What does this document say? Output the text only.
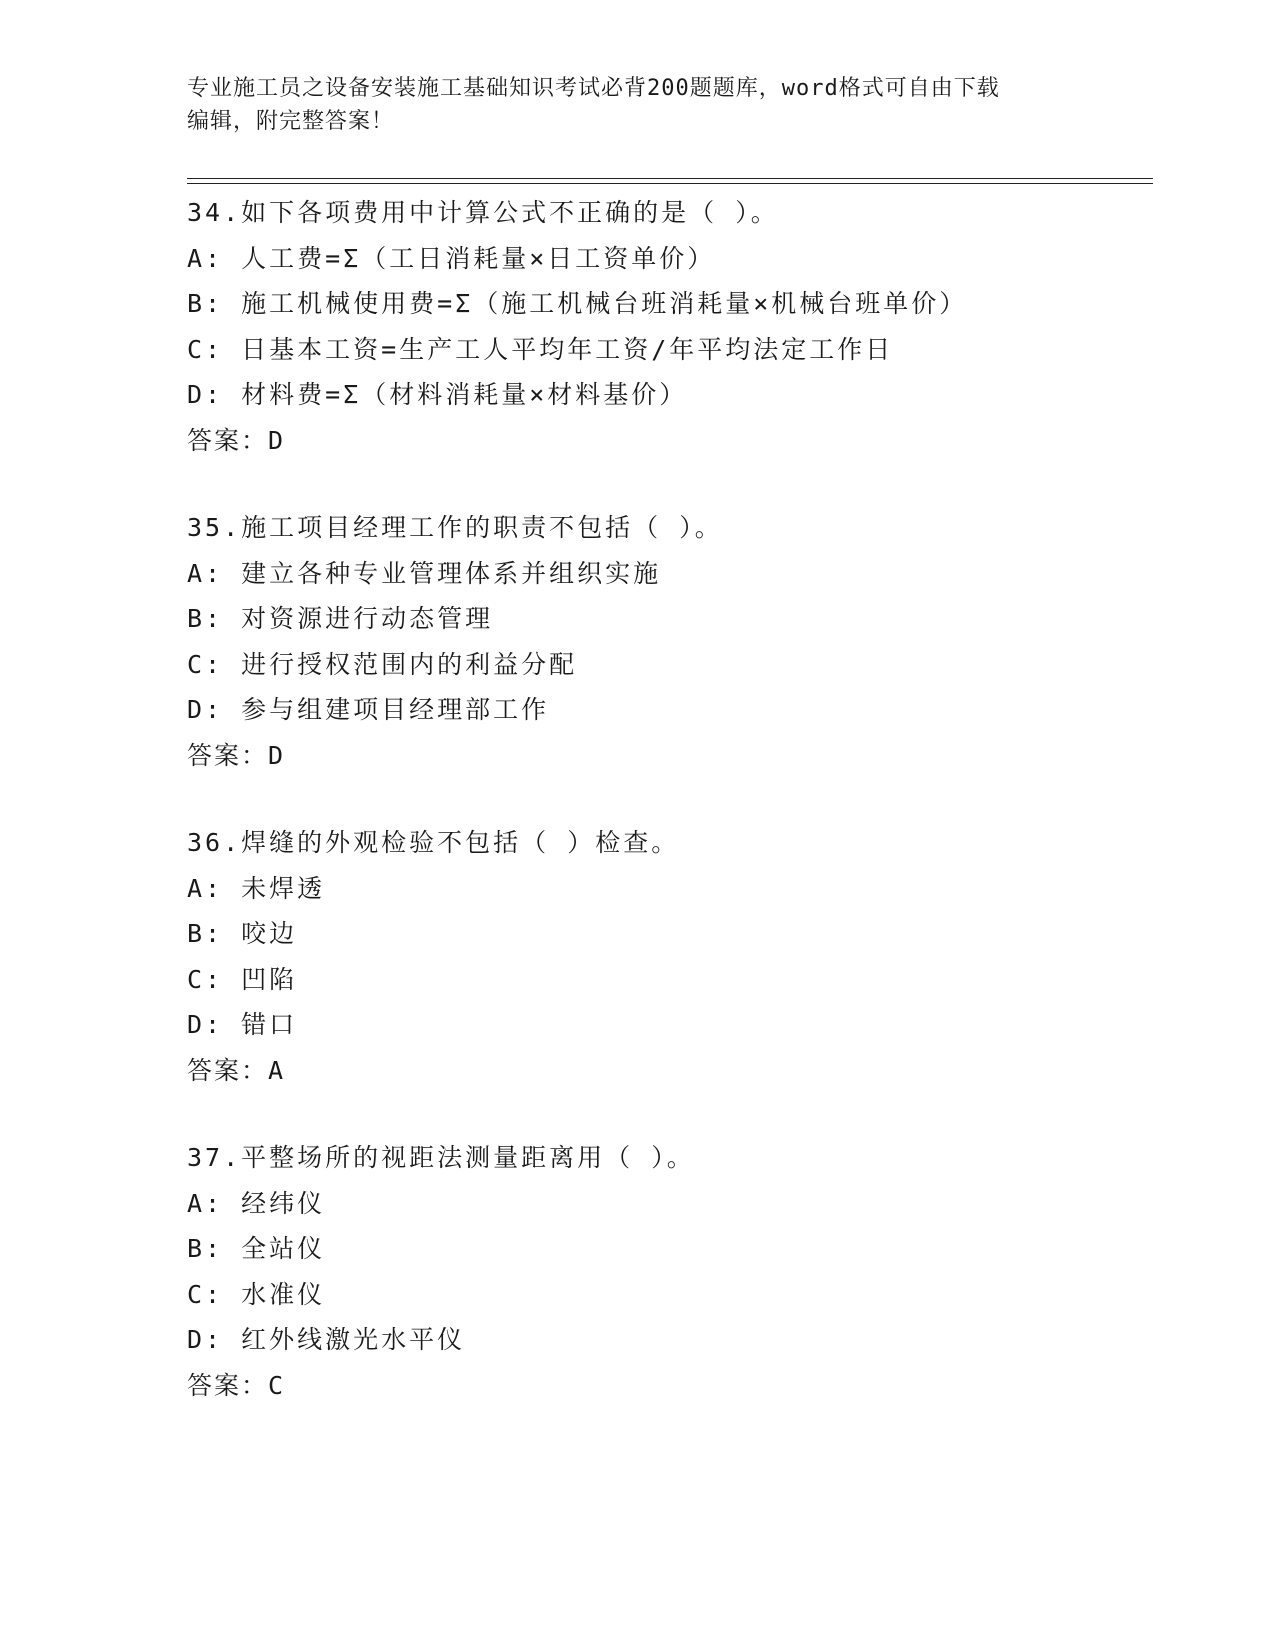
专业施工员之设备安装施工基础知识考试必背200题题库，word格式可自由下载
编辑，附完整答案！
34.如下各项费用中计算公式不正确的是（ ）。
A: 人工费=Σ（工日消耗量×日工资单价）
B: 施工机械使用费=Σ（施工机械台班消耗量×机械台班单价）
C: 日基本工资=生产工人平均年工资/年平均法定工作日
D: 材料费=Σ（材料消耗量×材料基价）
答案：D
35.施工项目经理工作的职责不包括（ ）。
A: 建立各种专业管理体系并组织实施
B: 对资源进行动态管理
C: 进行授权范围内的利益分配
D: 参与组建项目经理部工作
答案：D
36.焊缝的外观检验不包括（ ）检查。
A: 未焊透
B: 咬边
C: 凹陷
D: 错口
答案：A
37.平整场所的视距法测量距离用（ ）。
A: 经纬仪
B: 全站仪
C: 水准仪
D: 红外线激光水平仪
答案：C
